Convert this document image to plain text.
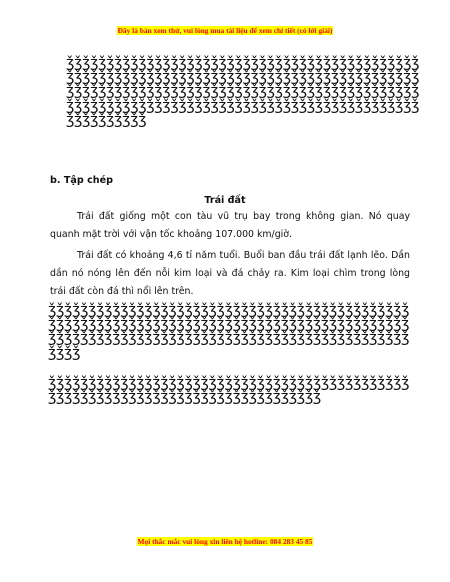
Đây là bản xem thử, vui lòng mua tài liệu để xem chi tiết (có lời giải)
ǯǯǯǯǯǯǯǯǯǯǯǯǯǯǯǯǯǯǯǯǯǯǯǯǯǯǯǯǯǯǯǯǯǯǯǯǯǯǯǯǯǯǯǯǯǯǯǯǯǯǯǯǯǯǯǯǯǯǯǯǯǯǯǯǯǯǯǯǯǯǯǯǯǯǯǯǯǯǯǯǯǯǯǯǯǯǯǯǯǯǯǯǯǯǯǯǯǯǯǯǯǯǯǯǯǯǯǯǯǯǯǯǯǯǯǯǯǯǯǯǯǯǯǯǯǯǯǯǯǯǯǯǯǯǯǯǯǯǯǯǯǯǯǯǯǯǯǯǯǯǯǯǯǯǯǯǯǯǯǯǯǯǯǯǯǯǯǯǯǯǯǯǯǯǯǯǯǯǯǯǯǯǯǯǯǯ
b. Tập chép
Trái đất

Trái đất giống một con tàu vũ trụ bay trong không gian. Nó quay quanh mặt trời với vận tốc khoảng 107.000 km/giờ.

Trái đất có khoảng 4,6 tỉ năm tuổi. Buổi ban đầu trái đất lạnh lẽo. Dần dần nó nóng lên đến nỗi kim loại và đá chảy ra. Kim loại chìm trong lòng trái đất còn đá thì nổi lên trên.

ǯǯǯǯǯǯǯǯǯǯǯǯǯǯǯǯǯǯǯǯǯǯǯǯǯǯǯǯǯǯǯǯǯǯǯǯǯǯǯǯǯǯǯǯǯǯǯǯǯǯǯǯǯǯǯǯǯǯǯǯǯǯǯǯǯǯǯǯǯǯǯǯǯǯǯǯǯǯǯǯǯǯǯǯǯǯǯǯǯǯǯǯǯǯǯǯǯǯǯǯǯǯǯǯǯǯǯǯǯǯǯǯǯǯǯǯǯǯǯǯǯǯǯǯǯǯǯǯǯǯǯǯǯǯǯǯǯǯǯ
ǯǯǯǯǯǯǯǯǯǯǯǯǯǯǯǯǯǯǯǯǯǯǯǯǯǯǯǯǯǯǯǯǯǯǯǯǯǯǯǯǯǯǯǯǯǯǯǯǯǯǯǯǯǯǯǯǯǯǯǯǯǯǯǯǯǯǯǯǯǯǯǯǯǯǯǯǯǯǯ
Mọi thắc mắc vui lòng xin liên hệ hotline: 084 283 45 85
